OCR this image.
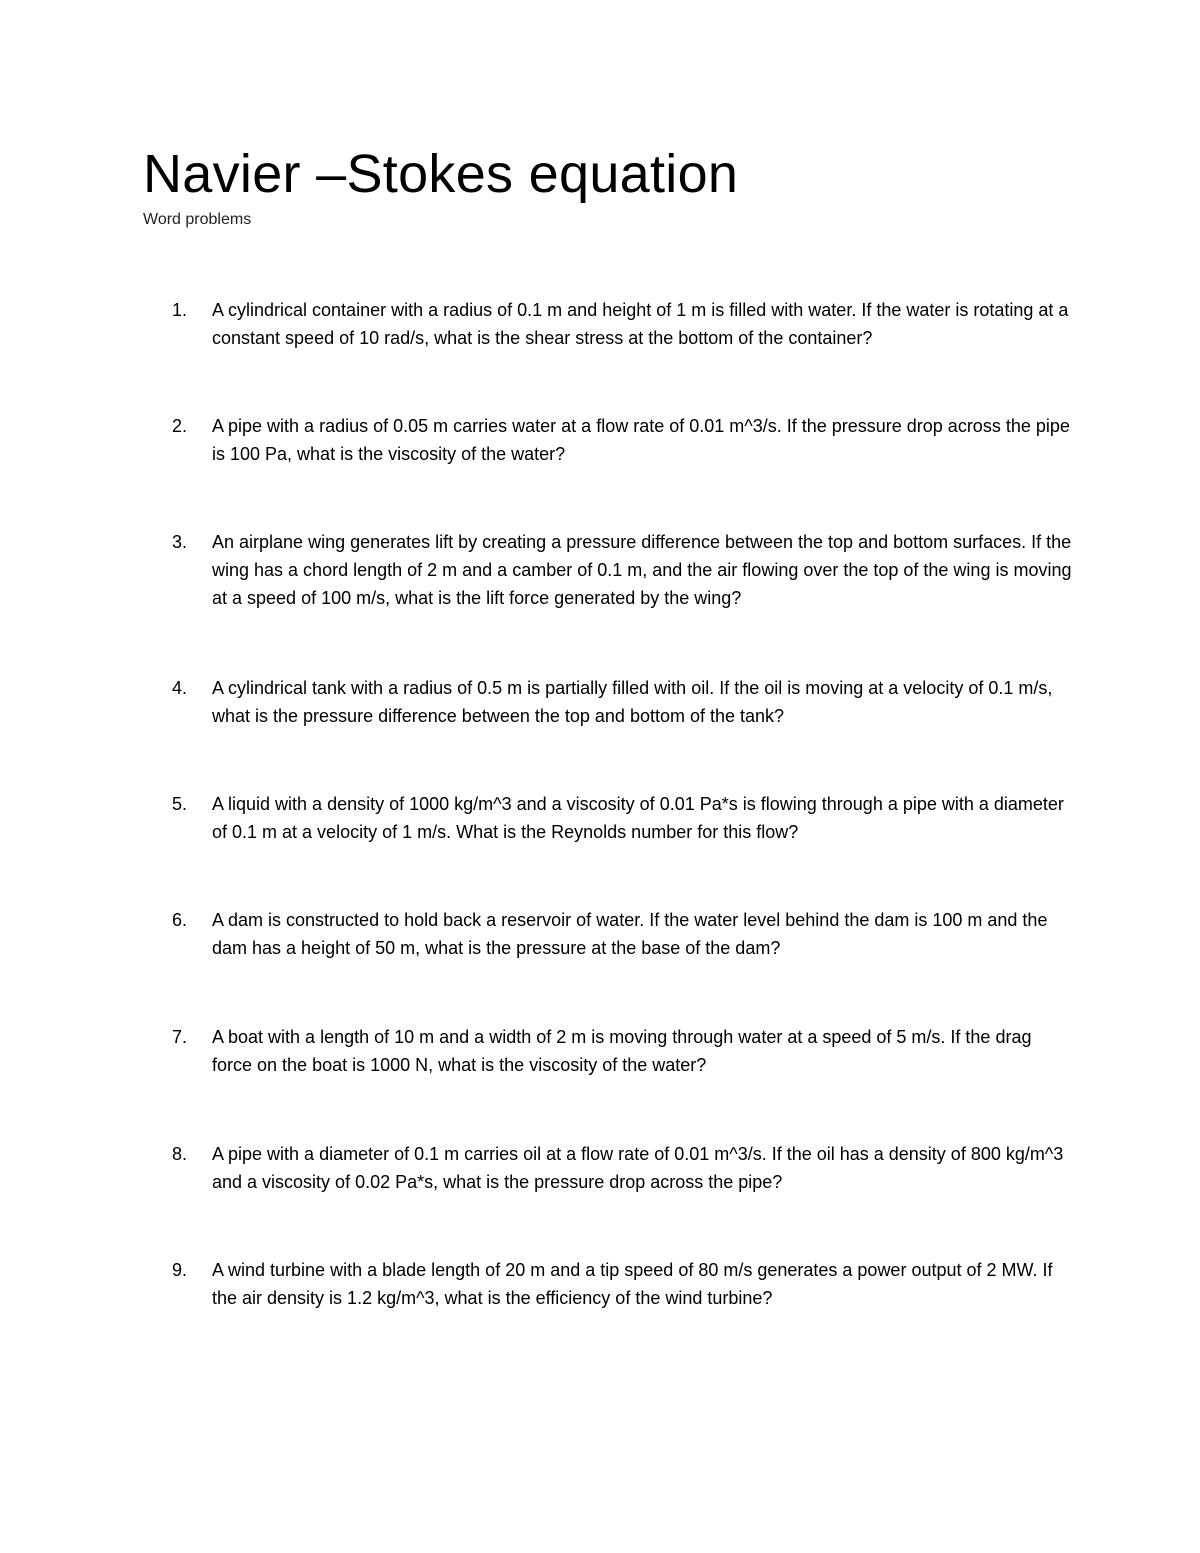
Navier –Stokes equation

Word problems

1.	A cylindrical container with a radius of 0.1 m and height of 1 m is filled with water. If the water is rotating at a constant speed of 10 rad/s, what is the shear stress at the bottom of the container?
2.	A pipe with a radius of 0.05 m carries water at a flow rate of 0.01 m^3/s. If the pressure drop across the pipe is 100 Pa, what is the viscosity of the water?
3.	An airplane wing generates lift by creating a pressure difference between the top and bottom surfaces. If the wing has a chord length of 2 m and a camber of 0.1 m, and the air flowing over the top of the wing is moving at a speed of 100 m/s, what is the lift force generated by the wing?
4.	A cylindrical tank with a radius of 0.5 m is partially filled with oil. If the oil is moving at a velocity of 0.1 m/s, what is the pressure difference between the top and bottom of the tank?
5.	A liquid with a density of 1000 kg/m^3 and a viscosity of 0.01 Pa*s is flowing through a pipe with a diameter of 0.1 m at a velocity of 1 m/s. What is the Reynolds number for this flow?
6.	A dam is constructed to hold back a reservoir of water. If the water level behind the dam is 100 m and the dam has a height of 50 m, what is the pressure at the base of the dam?
7.	A boat with a length of 10 m and a width of 2 m is moving through water at a speed of 5 m/s. If the drag force on the boat is 1000 N, what is the viscosity of the water?
8.	A pipe with a diameter of 0.1 m carries oil at a flow rate of 0.01 m^3/s. If the oil has a density of 800 kg/m^3 and a viscosity of 0.02 Pa*s, what is the pressure drop across the pipe?
9.	A wind turbine with a blade length of 20 m and a tip speed of 80 m/s generates a power output of 2 MW. If the air density is 1.2 kg/m^3, what is the efficiency of the wind turbine?
